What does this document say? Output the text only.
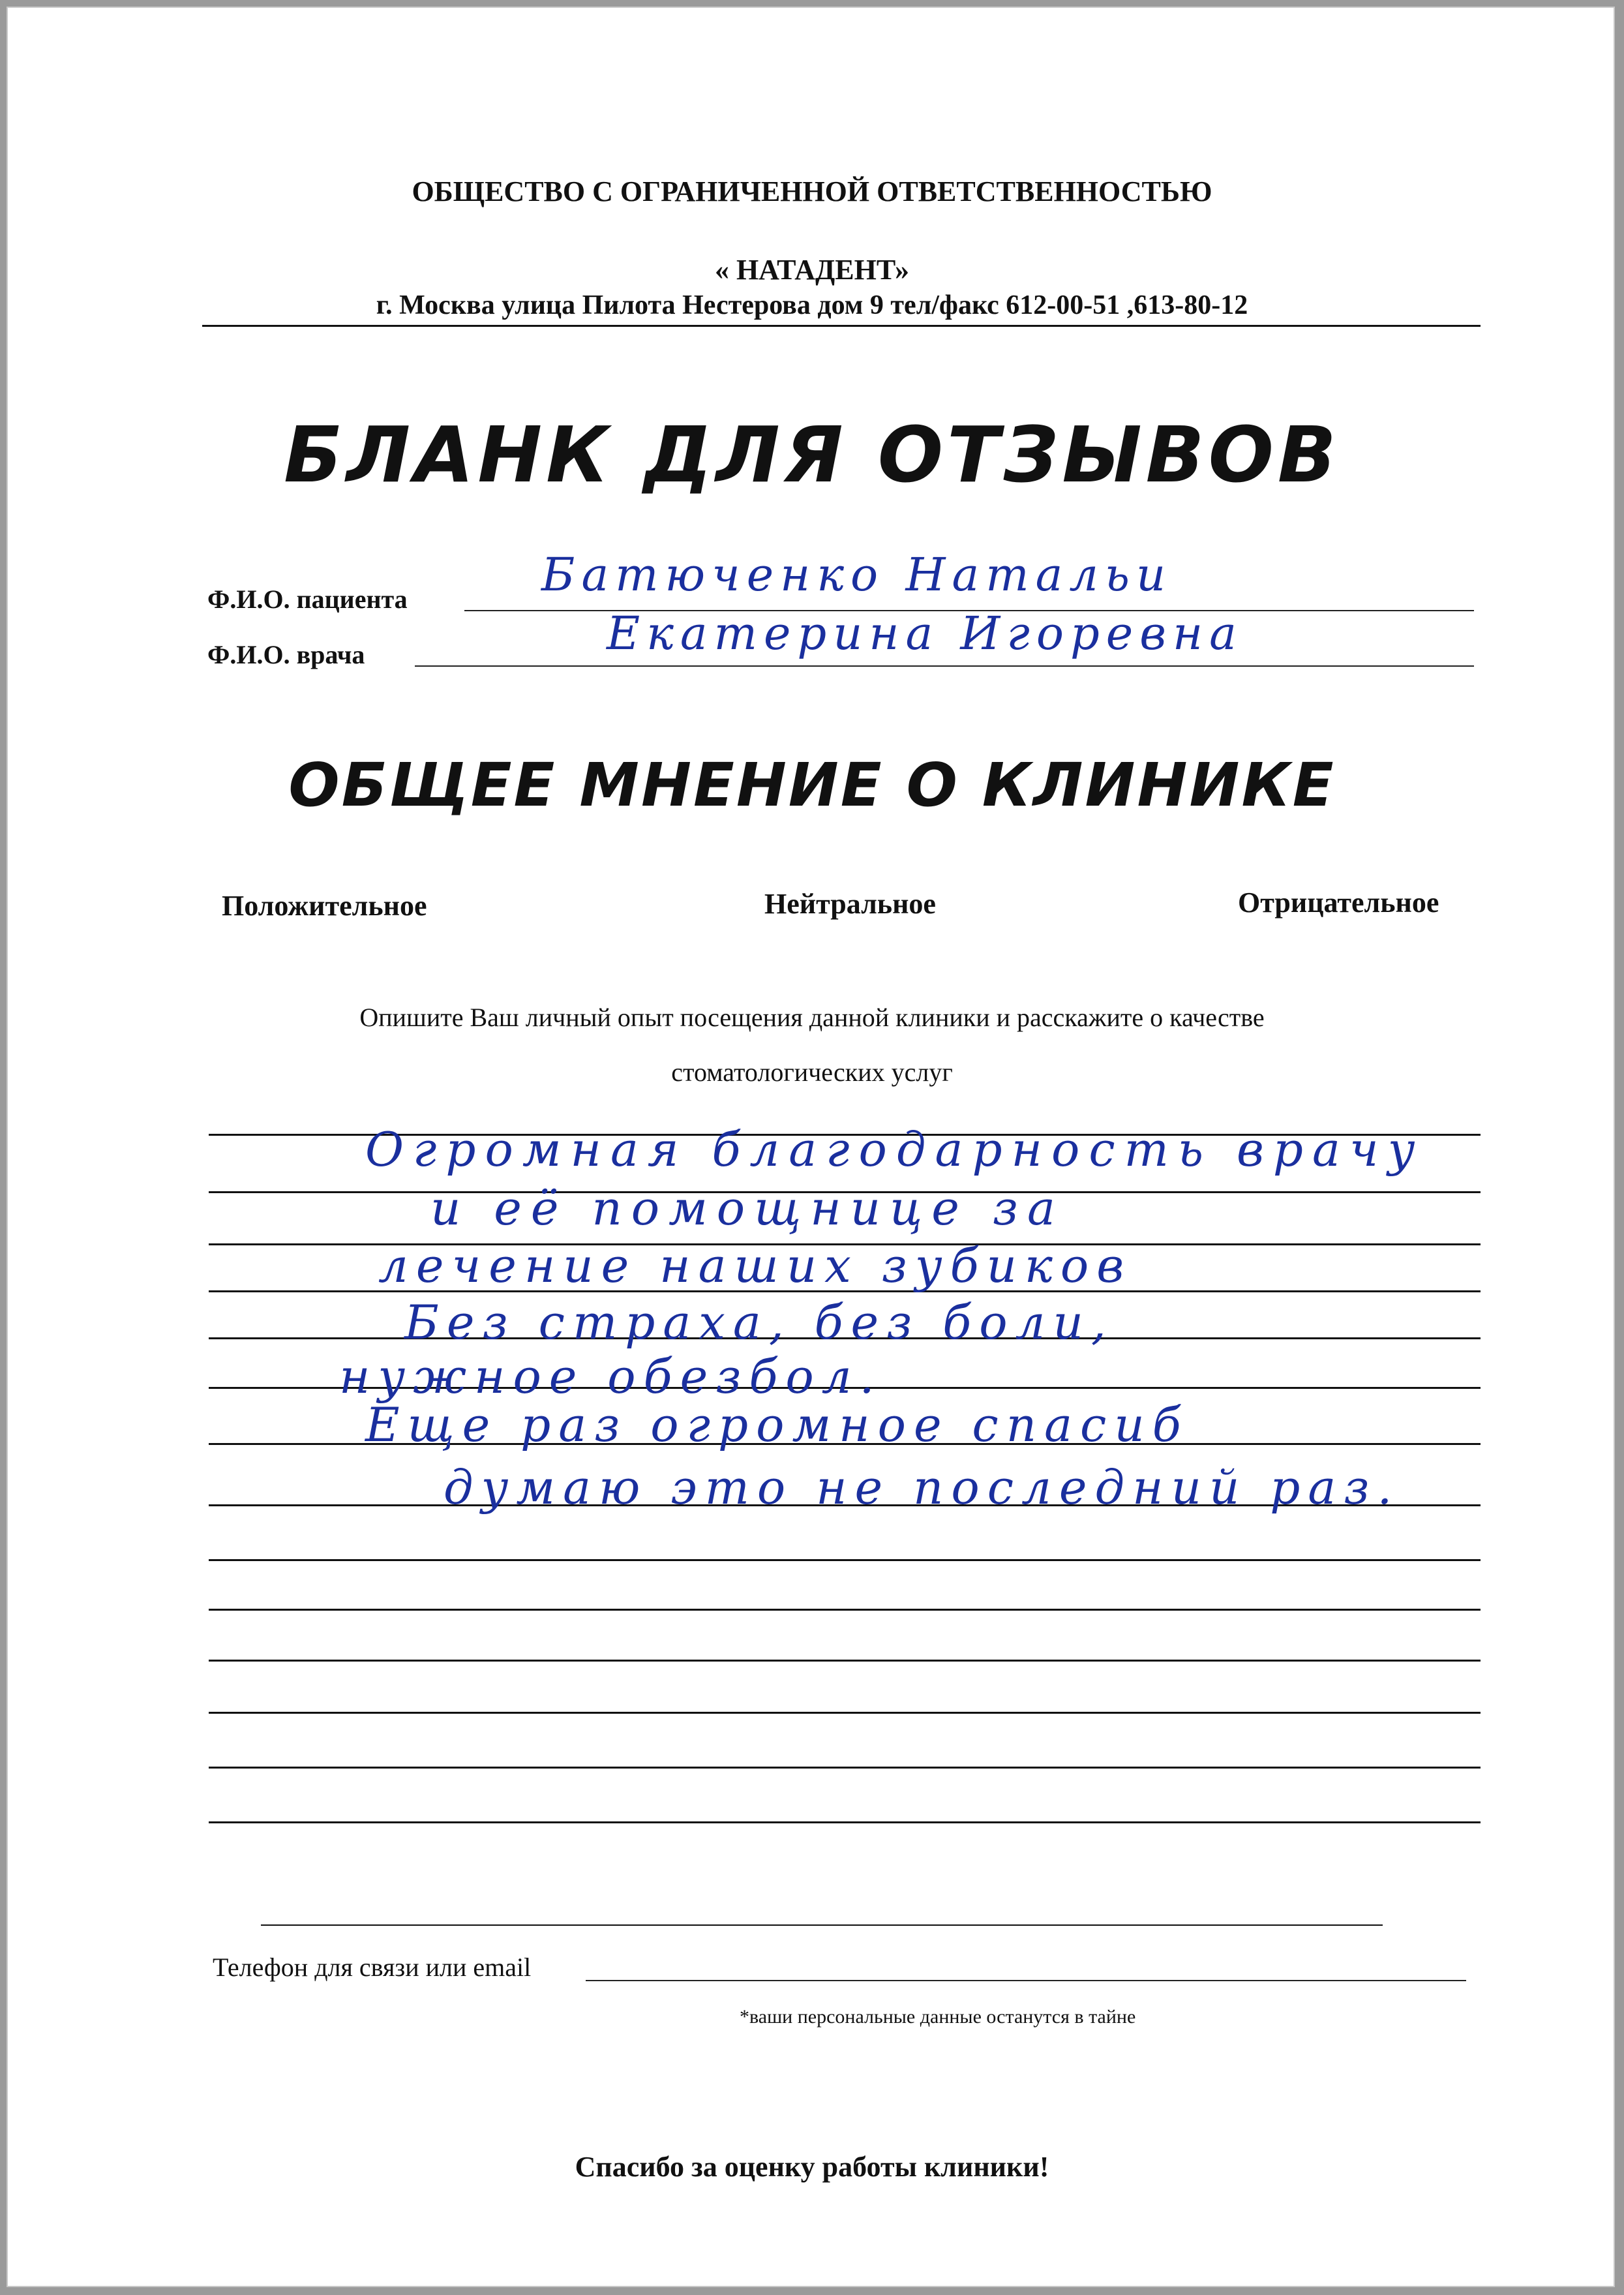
ОБЩЕСТВО С ОГРАНИЧЕННОЙ ОТВЕТСТВЕННОСТЬЮ
« НАТАДЕНТ»
г. Москва улица Пилота Нестерова дом 9 тел/факс 612-00-51 ,613-80-12
БЛАНК ДЛЯ ОТЗЫВОВ
Ф.И.О. пациента	Батюченко Натальи
Ф.И.О. врача	Екатерина Игоревна
ОБЩЕЕ МНЕНИЕ О КЛИНИКЕ
Положительное	Нейтральное	Отрицательное
Опишите Ваш личный опыт посещения данной клиники и расскажите о качестве
стоматологических услуг
Огромная благодарность врачу
и её помощнице за
лечение наших зубиков
Без страха, без боли,
нужное обезбол.
Еще раз огромное спасиб
думаю это не последний раз.
Телефон для связи или email
*ваши персональные данные останутся в тайне
Спасибо за оценку работы клиники!
